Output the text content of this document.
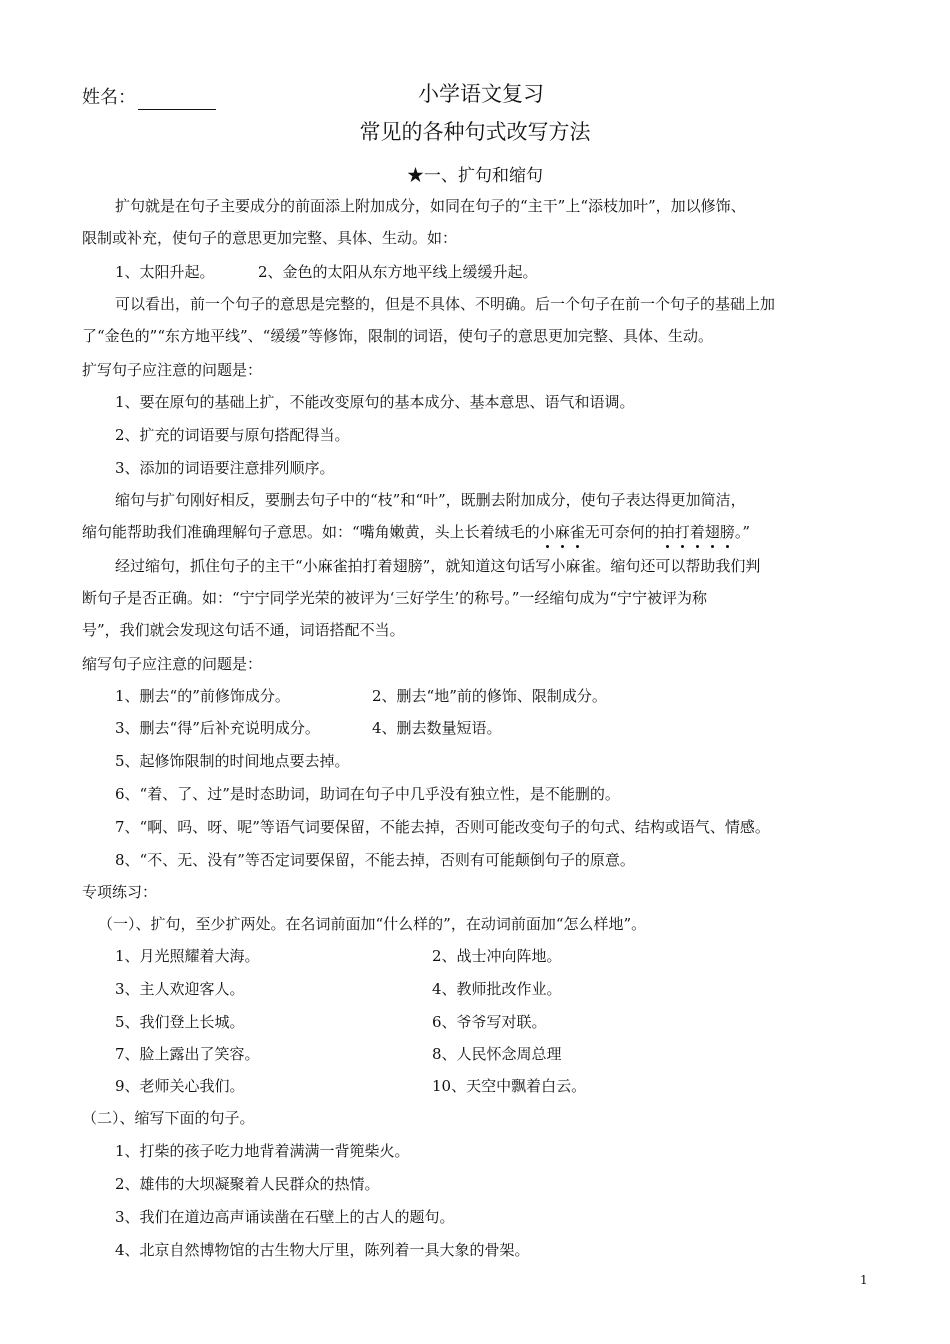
姓名：	小学语文复习
常见的各种句式改写方法
★一、扩句和缩句
扩句就是在句子主要成分的前面添上附加成分，如同在句子的“主干”上“添枝加叶”，加以修饰、
限制或补充，使句子的意思更加完整、具体、生动。如：
1、太阳升起。	2、金色的太阳从东方地平线上缓缓升起。
可以看出，前一个句子的意思是完整的，但是不具体、不明确。后一个句子在前一个句子的基础上加
了“金色的”“东方地平线”、“缓缓”等修饰，限制的词语，使句子的意思更加完整、具体、生动。
扩写句子应注意的问题是：
1、要在原句的基础上扩，不能改变原句的基本成分、基本意思、语气和语调。
2、扩充的词语要与原句搭配得当。
3、添加的词语要注意排列顺序。
缩句与扩句刚好相反，要删去句子中的“枝”和“叶”，既删去附加成分，使句子表达得更加简洁，
缩句能帮助我们准确理解句子意思。如：“嘴角嫩黄，头上长着绒毛的小麻雀无可奈何的拍打着翅膀。”
经过缩句，抓住句子的主干“小麻雀拍打着翅膀”，就知道这句话写小麻雀。缩句还可以帮助我们判
断句子是否正确。如：“宁宁同学光荣的被评为‘三好学生’的称号。”一经缩句成为“宁宁被评为称
号”，我们就会发现这句话不通，词语搭配不当。
缩写句子应注意的问题是：
1、删去“的”前修饰成分。	2、删去“地”前的修饰、限制成分。
3、删去“得”后补充说明成分。	4、删去数量短语。
5、起修饰限制的时间地点要去掉。
6、“着、了、过”是时态助词，助词在句子中几乎没有独立性，是不能删的。
7、“啊、吗、呀、呢”等语气词要保留，不能去掉，否则可能改变句子的句式、结构或语气、情感。
8、“不、无、没有”等否定词要保留，不能去掉，否则有可能颠倒句子的原意。
专项练习：
（一）、扩句，至少扩两处。在名词前面加“什么样的”，在动词前面加“怎么样地”。
1、月光照耀着大海。	2、战士冲向阵地。
3、主人欢迎客人。	4、教师批改作业。
5、我们登上长城。	6、爷爷写对联。
7、脸上露出了笑容。	8、人民怀念周总理
9、老师关心我们。	10、天空中飘着白云。
（二）、缩写下面的句子。
1、打柴的孩子吃力地背着满满一背篼柴火。
2、雄伟的大坝凝聚着人民群众的热情。
3、我们在道边高声诵读凿在石壁上的古人的题句。
4、北京自然博物馆的古生物大厅里，陈列着一具大象的骨架。
1
